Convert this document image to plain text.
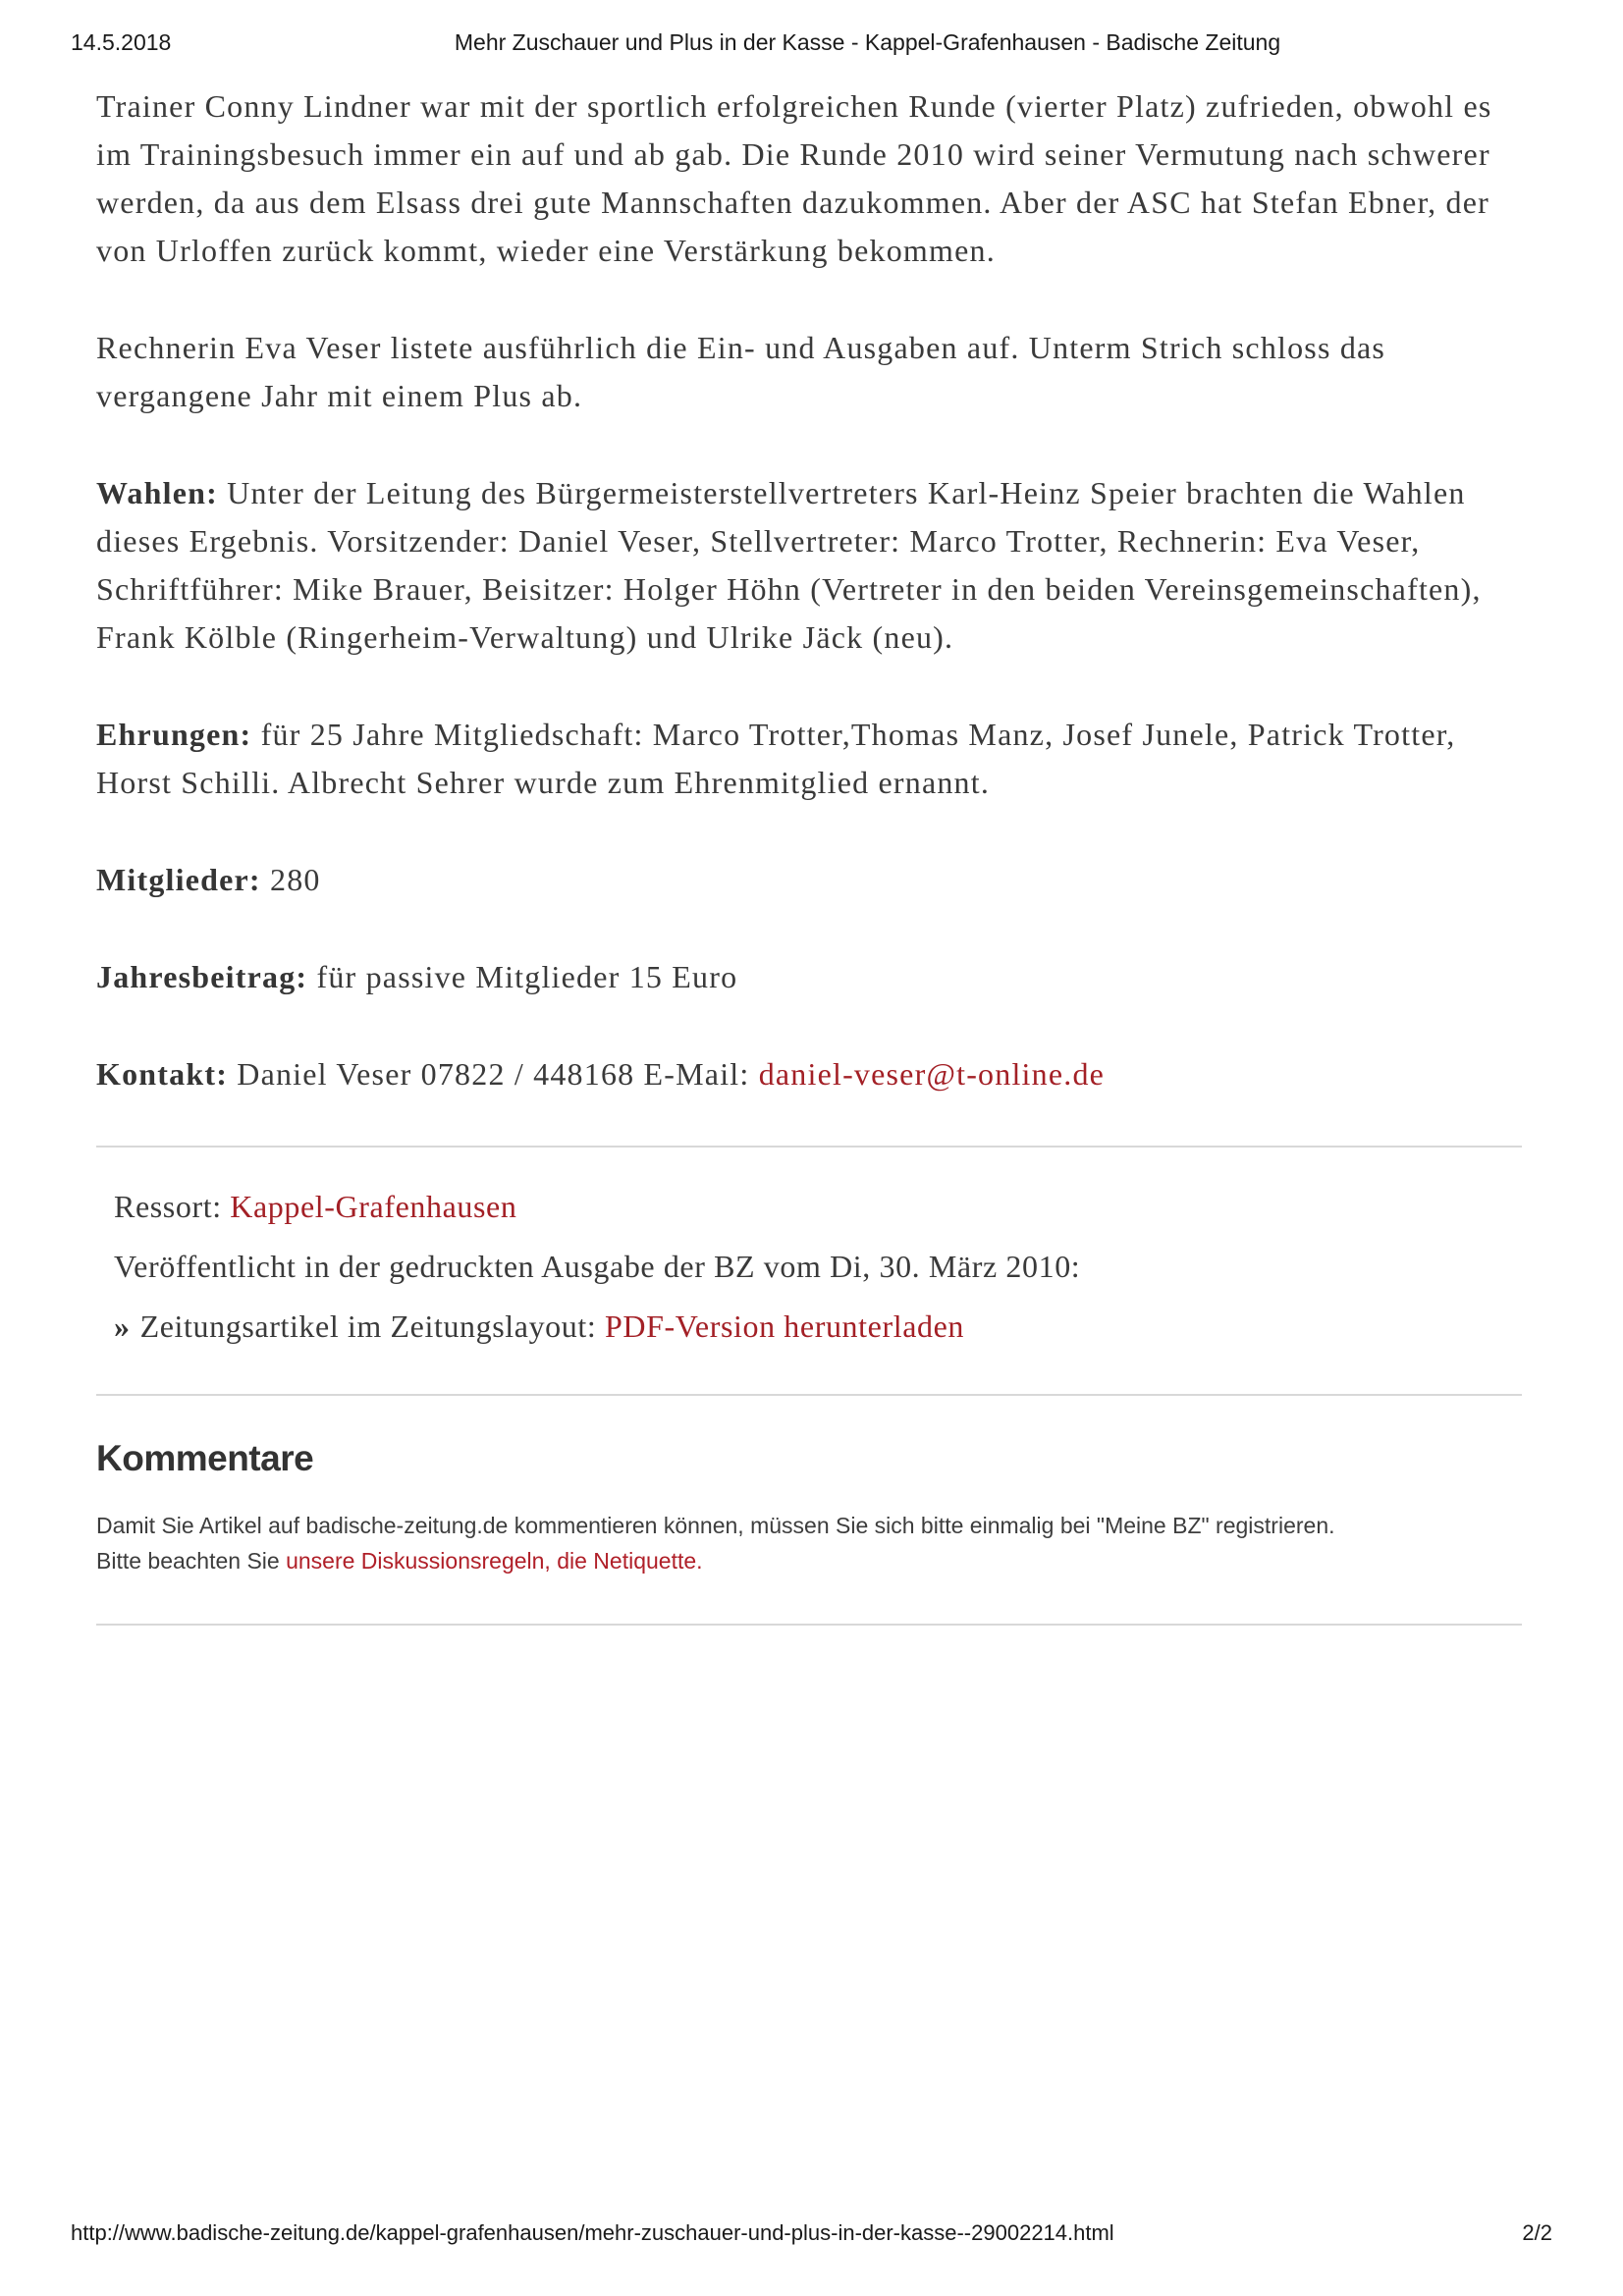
14.5.2018	Mehr Zuschauer und Plus in der Kasse - Kappel-Grafenhausen - Badische Zeitung

Trainer Conny Lindner war mit der sportlich erfolgreichen Runde (vierter Platz) zufrieden, obwohl es im Trainingsbesuch immer ein auf und ab gab. Die Runde 2010 wird seiner Vermutung nach schwerer werden, da aus dem Elsass drei gute Mannschaften dazukommen. Aber der ASC hat Stefan Ebner, der von Urloffen zurück kommt, wieder eine Verstärkung bekommen.

Rechnerin Eva Veser listete ausführlich die Ein- und Ausgaben auf. Unterm Strich schloss das vergangene Jahr mit einem Plus ab.

Wahlen: Unter der Leitung des Bürgermeisterstellvertreters Karl-Heinz Speier brachten die Wahlen dieses Ergebnis. Vorsitzender: Daniel Veser, Stellvertreter: Marco Trotter, Rechnerin: Eva Veser, Schriftführer: Mike Brauer, Beisitzer: Holger Höhn (Vertreter in den beiden Vereinsgemeinschaften), Frank Kölble (Ringerheim-Verwaltung) und Ulrike Jäck (neu).

Ehrungen: für 25 Jahre Mitgliedschaft: Marco Trotter,Thomas Manz, Josef Junele, Patrick Trotter, Horst Schilli. Albrecht Sehrer wurde zum Ehrenmitglied ernannt.

Mitglieder: 280

Jahresbeitrag: für passive Mitglieder 15 Euro

Kontakt: Daniel Veser 07822 / 448168 E-Mail: daniel-veser@t-online.de

Ressort: Kappel-Grafenhausen

Veröffentlicht in der gedruckten Ausgabe der BZ vom Di, 30. März 2010:

» Zeitungsartikel im Zeitungslayout: PDF-Version herunterladen

Kommentare

Damit Sie Artikel auf badische-zeitung.de kommentieren können, müssen Sie sich bitte einmalig bei "Meine BZ" registrieren.
Bitte beachten Sie unsere Diskussionsregeln, die Netiquette.

http://www.badische-zeitung.de/kappel-grafenhausen/mehr-zuschauer-und-plus-in-der-kasse--29002214.html	2/2
